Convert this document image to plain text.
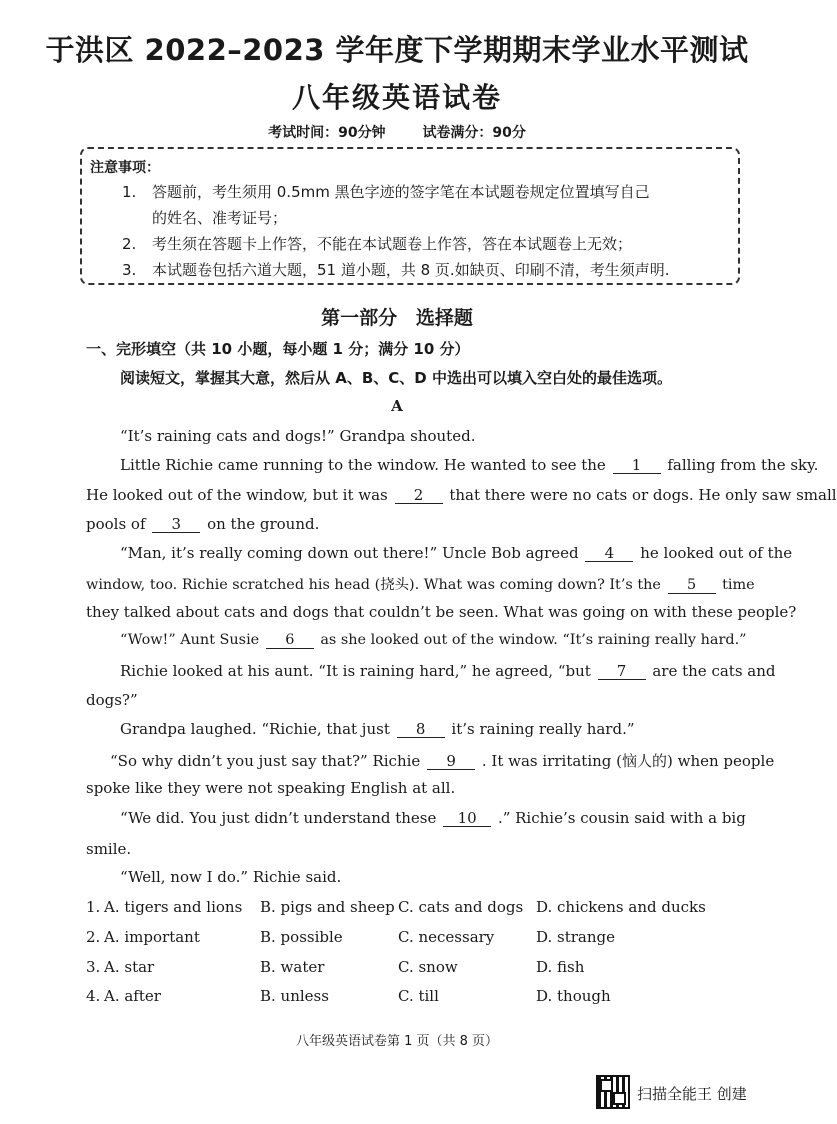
于洪区 2022–2023 学年度下学期期末学业水平测试
八年级英语试卷
考试时间：90分钟	试卷满分：90分
注意事项：
1. 答题前，考生须用 0.5mm 黑色字迹的签字笔在本试题卷规定位置填写自己
的姓名、准考证号；
2. 考生须在答题卡上作答，不能在本试题卷上作答，答在本试题卷上无效；
3. 本试题卷包括六道大题，51 道小题，共 8 页.如缺页、印刷不清，考生须声明.
第一部分 选择题
一、完形填空（共 10 小题，每小题 1 分；满分 10 分）
阅读短文，掌握其大意，然后从 A、B、C、D 中选出可以填入空白处的最佳选项。
A
“It’s raining cats and dogs!” Grandpa shouted.
Little Richie came running to the window. He wanted to see the 1 falling from the sky.
He looked out of the window, but it was 2 that there were no cats or dogs. He only saw small
pools of 3 on the ground.
“Man, it’s really coming down out there!” Uncle Bob agreed 4 he looked out of the
window, too. Richie scratched his head (挠头). What was coming down? It’s the 5 time
they talked about cats and dogs that couldn’t be seen. What was going on with these people?
“Wow!” Aunt Susie 6 as she looked out of the window. “It’s raining really hard.”
Richie looked at his aunt. “It is raining hard,” he agreed, “but 7 are the cats and
dogs?”
Grandpa laughed. “Richie, that just 8 it’s raining really hard.”
“So why didn’t you just say that?” Richie 9 . It was irritating (恼人的) when people
spoke like they were not speaking English at all.
“We did. You just didn’t understand these 10 .” Richie’s cousin said with a big
smile.
“Well, now I do.” Richie said.
1. A. tigers and lions B. pigs and sheep C. cats and dogs D. chickens and ducks
2. A. important	B. possible	C. necessary	D. strange
3. A. star	B. water	C. snow	D. fish
4. A. after	B. unless	C. till	D. though
八年级英语试卷第 1 页（共 8 页）
扫描全能王 创建
